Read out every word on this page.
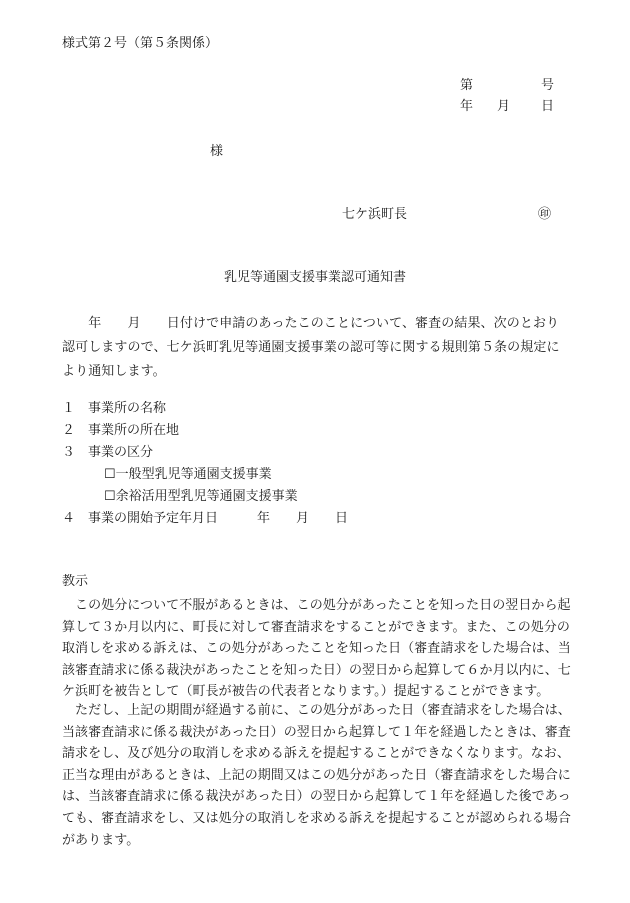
様式第２号（第５条関係）
第	号
年 月 日
様
七ケ浜町長	㊞
乳児等通園支援事業認可通知書
　　年　　月　　日付けで申請のあったこのことについて、審査の結果、次のとおり認可しますので、七ケ浜町乳児等通園支援事業の認可等に関する規則第５条の規定により通知します。
１ 事業所の名称
２ 事業所の所在地
３ 事業の区分
☐一般型乳児等通園支援事業
☐余裕活用型乳児等通園支援事業
４ 事業の開始予定年月日　　　年　　月　　日
教示
　この処分について不服があるときは、この処分があったことを知った日の翌日から起算して３か月以内に、町長に対して審査請求をすることができます。また、この処分の取消しを求める訴えは、この処分があったことを知った日（審査請求をした場合は、当該審査請求に係る裁決があったことを知った日）の翌日から起算して６か月以内に、七ケ浜町を被告として（町長が被告の代表者となります。）提起することができます。
　ただし、上記の期間が経過する前に、この処分があった日（審査請求をした場合は、当該審査請求に係る裁決があった日）の翌日から起算して１年を経過したときは、審査請求をし、及び処分の取消しを求める訴えを提起することができなくなります。なお、正当な理由があるときは、上記の期間又はこの処分があった日（審査請求をした場合には、当該審査請求に係る裁決があった日）の翌日から起算して１年を経過した後であっても、審査請求をし、又は処分の取消しを求める訴えを提起することが認められる場合があります。
